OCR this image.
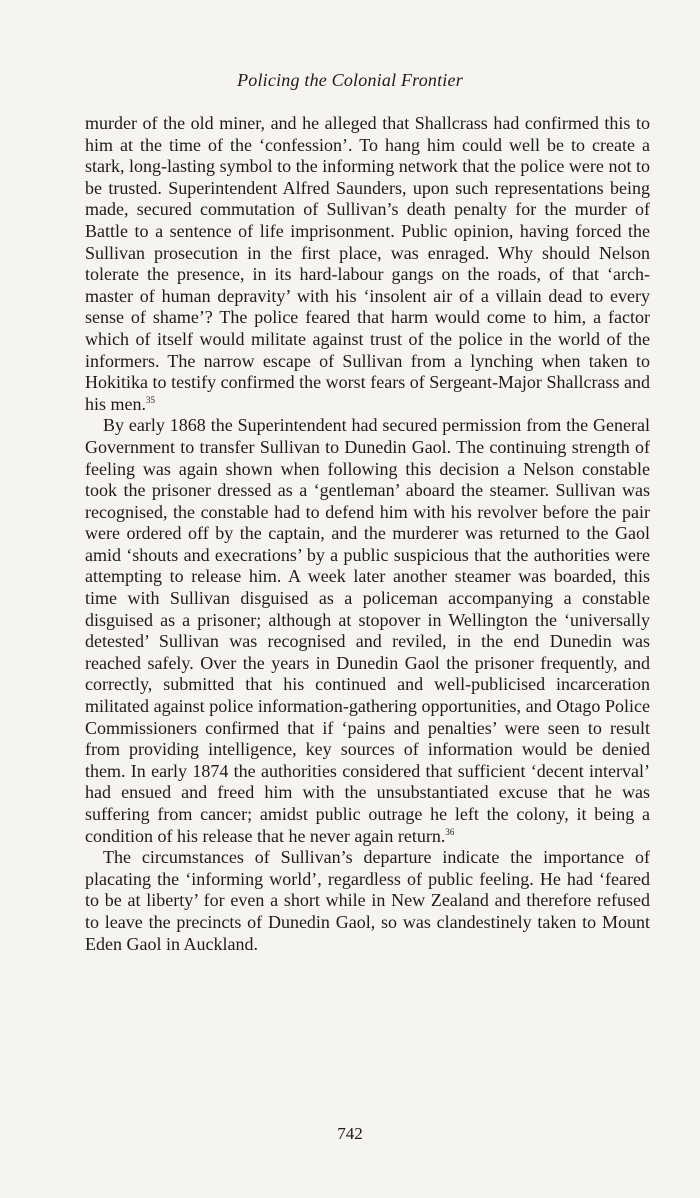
Policing the Colonial Frontier

murder of the old miner, and he alleged that Shallcrass had confirmed this to him at the time of the ‘confession’. To hang him could well be to create a stark, long-lasting symbol to the informing network that the police were not to be trusted. Superintendent Alfred Saunders, upon such representations being made, secured commutation of Sullivan’s death penalty for the murder of Battle to a sentence of life imprisonment. Public opinion, having forced the Sullivan prosecution in the first place, was enraged. Why should Nelson tolerate the presence, in its hard-labour gangs on the roads, of that ‘arch-master of human depravity’ with his ‘insolent air of a villain dead to every sense of shame’? The police feared that harm would come to him, a factor which of itself would militate against trust of the police in the world of the informers. The narrow escape of Sullivan from a lynching when taken to Hokitika to testify confirmed the worst fears of Sergeant-Major Shallcrass and his men.$^{35}$

By early 1868 the Superintendent had secured permission from the General Government to transfer Sullivan to Dunedin Gaol. The continuing strength of feeling was again shown when following this decision a Nelson constable took the prisoner dressed as a ‘gentleman’ aboard the steamer. Sullivan was recognised, the constable had to defend him with his revolver before the pair were ordered off by the captain, and the murderer was returned to the Gaol amid ‘shouts and execrations’ by a public suspicious that the authorities were attempting to release him. A week later another steamer was boarded, this time with Sullivan disguised as a policeman accompanying a constable disguised as a prisoner; although at stopover in Wellington the ‘universally detested’ Sullivan was recognised and reviled, in the end Dunedin was reached safely. Over the years in Dunedin Gaol the prisoner frequently, and correctly, submitted that his continued and well-publicised incarceration militated against police information-gathering opportunities, and Otago Police Commissioners confirmed that if ‘pains and penalties’ were seen to result from providing intelligence, key sources of information would be denied them. In early 1874 the authorities considered that sufficient ‘decent interval’ had ensued and freed him with the unsubstantiated excuse that he was suffering from cancer; amidst public outrage he left the colony, it being a condition of his release that he never again return.$^{36}$

The circumstances of Sullivan’s departure indicate the importance of placating the ‘informing world’, regardless of public feeling. He had ‘feared to be at liberty’ for even a short while in New Zealand and therefore refused to leave the precincts of Dunedin Gaol, so was clandestinely taken to Mount Eden Gaol in Auckland.

742
